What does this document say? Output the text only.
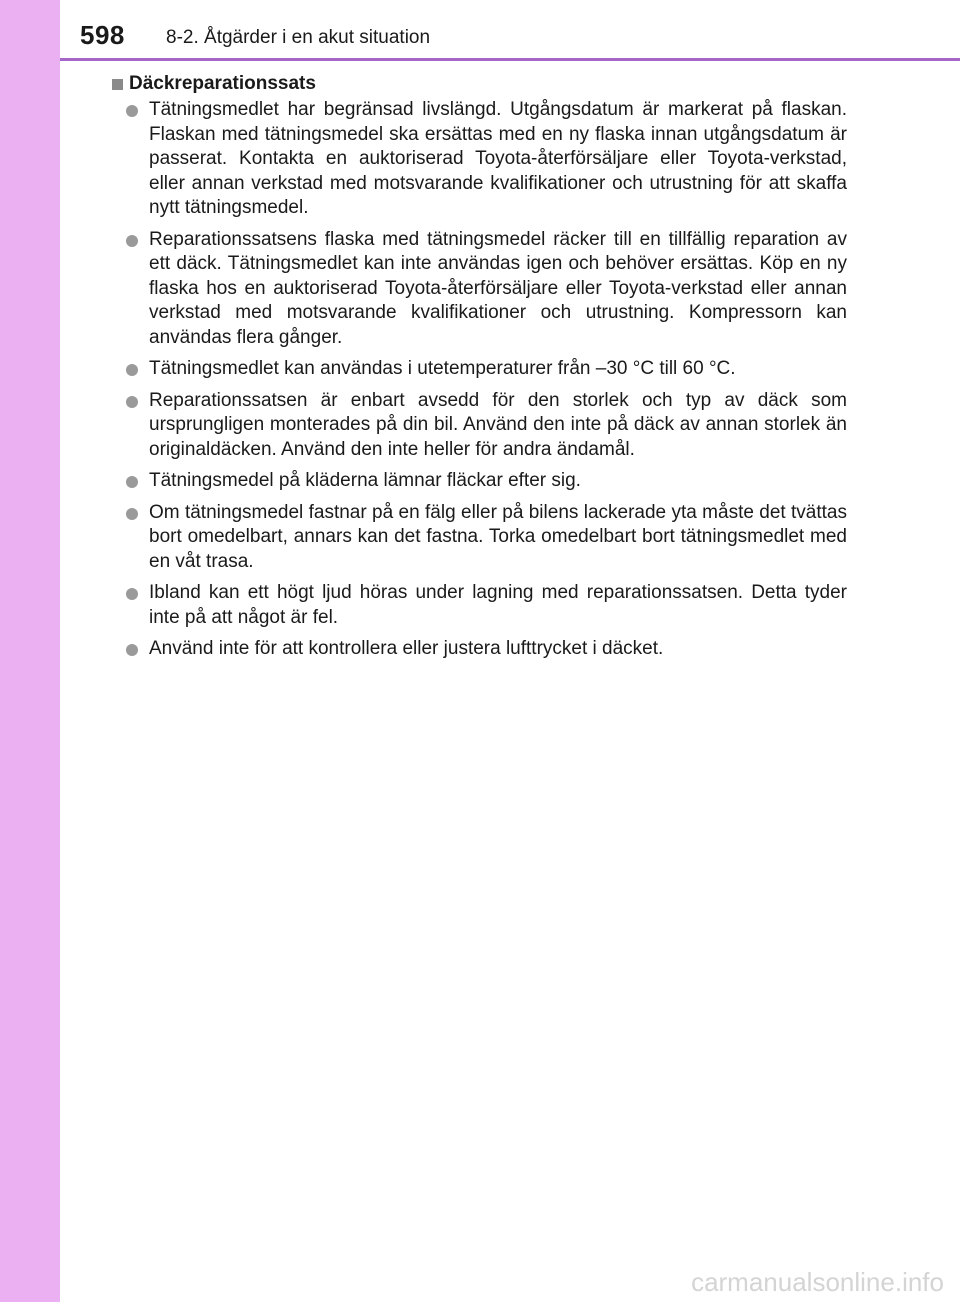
598 8-2. Åtgärder i en akut situation
Däckreparationssats
Tätningsmedlet har begränsad livslängd. Utgångsdatum är markerat på flaskan. Flaskan med tätningsmedel ska ersättas med en ny flaska innan utgångsdatum är passerat. Kontakta en auktoriserad Toyota-återförsäljare eller Toyota-verkstad, eller annan verkstad med motsvarande kvalifikationer och utrustning för att skaffa nytt tätningsmedel.
Reparationssatsens flaska med tätningsmedel räcker till en tillfällig reparation av ett däck. Tätningsmedlet kan inte användas igen och behöver ersättas. Köp en ny flaska hos en auktoriserad Toyota-återförsäljare eller Toyota-verkstad eller annan verkstad med motsvarande kvalifikationer och utrustning. Kompressorn kan användas flera gånger.
Tätningsmedlet kan användas i utetemperaturer från –30 °C till 60 °C.
Reparationssatsen är enbart avsedd för den storlek och typ av däck som ursprungligen monterades på din bil. Använd den inte på däck av annan storlek än originaldäcken. Använd den inte heller för andra ändamål.
Tätningsmedel på kläderna lämnar fläckar efter sig.
Om tätningsmedel fastnar på en fälg eller på bilens lackerade yta måste det tvättas bort omedelbart, annars kan det fastna. Torka omedelbart bort tätningsmedlet med en våt trasa.
Ibland kan ett högt ljud höras under lagning med reparationssatsen. Detta tyder inte på att något är fel.
Använd inte för att kontrollera eller justera lufttrycket i däcket.
carmanualsonline.info
